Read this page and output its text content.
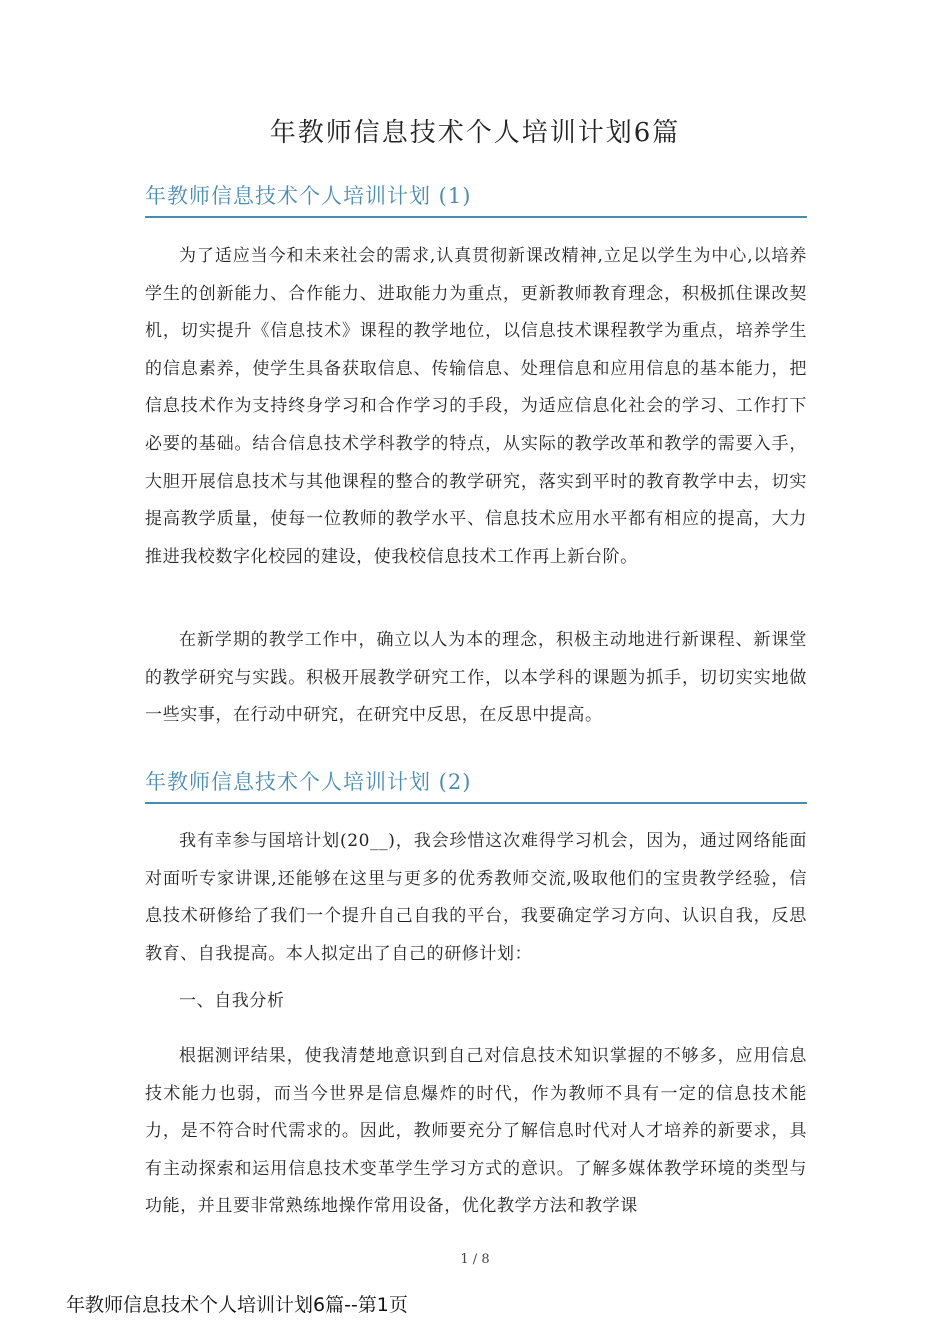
年教师信息技术个人培训计划6篇
年教师信息技术个人培训计划 (1)

为了适应当今和未来社会的需求,认真贯彻新课改精神,立足以学生为中心,以培养学生的创新能力、合作能力、进取能力为重点，更新教师教育理念，积极抓住课改契机，切实提升《信息技术》课程的教学地位，以信息技术课程教学为重点，培养学生的信息素养，使学生具备获取信息、传输信息、处理信息和应用信息的基本能力，把信息技术作为支持终身学习和合作学习的手段，为适应信息化社会的学习、工作打下必要的基础。结合信息技术学科教学的特点，从实际的教学改革和教学的需要入手，大胆开展信息技术与其他课程的整合的教学研究，落实到平时的教育教学中去，切实提高教学质量，使每一位教师的教学水平、信息技术应用水平都有相应的提高，大力推进我校数字化校园的建设，使我校信息技术工作再上新台阶。

在新学期的教学工作中，确立以人为本的理念，积极主动地进行新课程、新课堂的教学研究与实践。积极开展教学研究工作，以本学科的课题为抓手，切切实实地做一些实事，在行动中研究，在研究中反思，在反思中提高。

年教师信息技术个人培训计划 (2)

我有幸参与国培计划(20__)，我会珍惜这次难得学习机会，因为，通过网络能面对面听专家讲课,还能够在这里与更多的优秀教师交流,吸取他们的宝贵教学经验，信息技术研修给了我们一个提升自己自我的平台，我要确定学习方向、认识自我，反思教育、自我提高。本人拟定出了自己的研修计划：

一、自我分析

根据测评结果，使我清楚地意识到自己对信息技术知识掌握的不够多，应用信息技术能力也弱，而当今世界是信息爆炸的时代，作为教师不具有一定的信息技术能力，是不符合时代需求的。因此，教师要充分了解信息时代对人才培养的新要求，具有主动探索和运用信息技术变革学生学习方式的意识。了解多媒体教学环境的类型与功能，并且要非常熟练地操作常用设备，优化教学方法和教学课

1 / 8
年教师信息技术个人培训计划6篇--第1页
